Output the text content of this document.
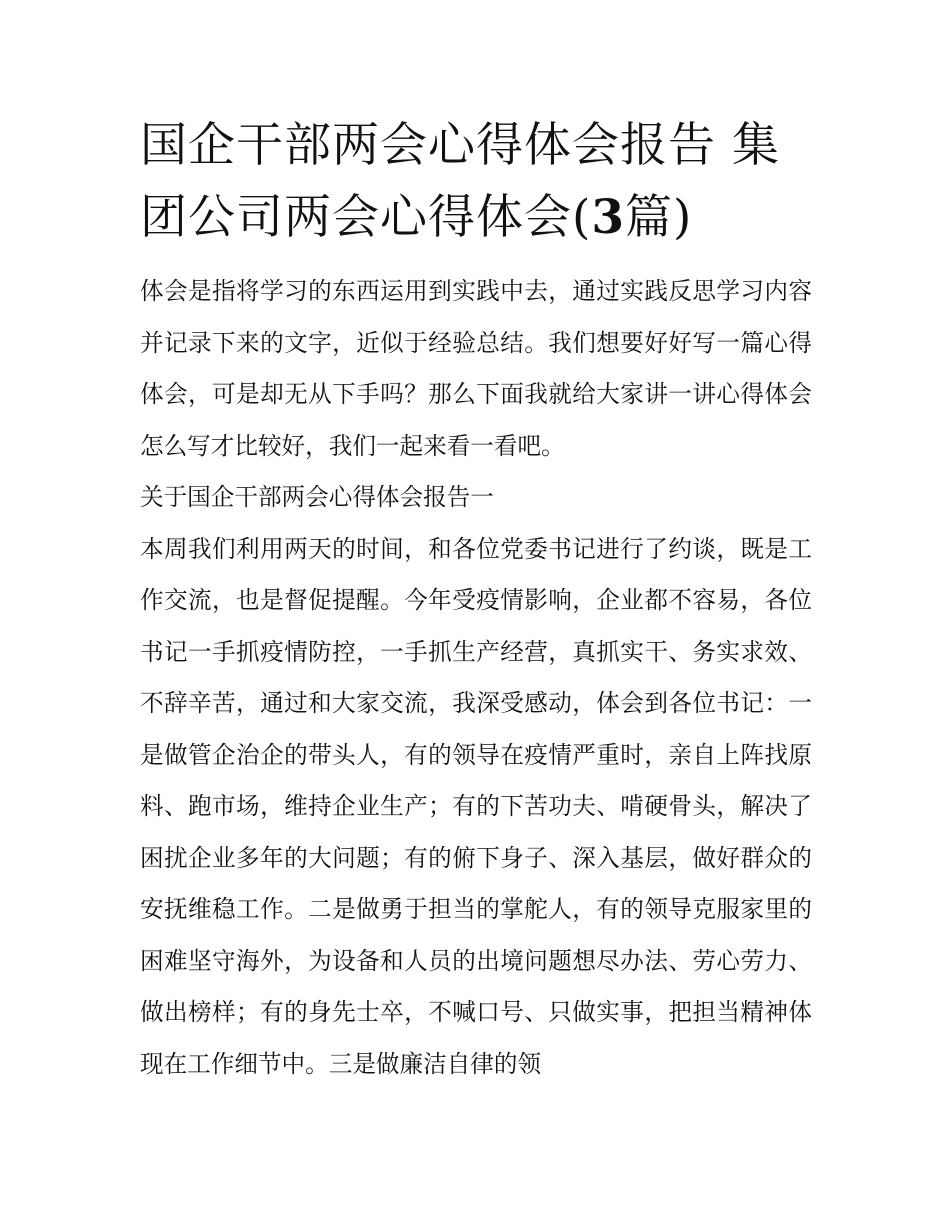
国企干部两会心得体会报告 集团公司两会心得体会(3篇)

体会是指将学习的东西运用到实践中去，通过实践反思学习内容并记录下来的文字，近似于经验总结。我们想要好好写一篇心得体会，可是却无从下手吗？那么下面我就给大家讲一讲心得体会怎么写才比较好，我们一起来看一看吧。

关于国企干部两会心得体会报告一

本周我们利用两天的时间，和各位党委书记进行了约谈，既是工作交流，也是督促提醒。今年受疫情影响，企业都不容易，各位书记一手抓疫情防控，一手抓生产经营，真抓实干、务实求效、不辞辛苦，通过和大家交流，我深受感动，体会到各位书记：一是做管企治企的带头人，有的领导在疫情严重时，亲自上阵找原料、跑市场，维持企业生产；有的下苦功夫、啃硬骨头，解决了困扰企业多年的大问题；有的俯下身子、深入基层，做好群众的安抚维稳工作。二是做勇于担当的掌舵人，有的领导克服家里的困难坚守海外，为设备和人员的出境问题想尽办法、劳心劳力、做出榜样；有的身先士卒，不喊口号、只做实事，把担当精神体现在工作细节中。三是做廉洁自律的领
